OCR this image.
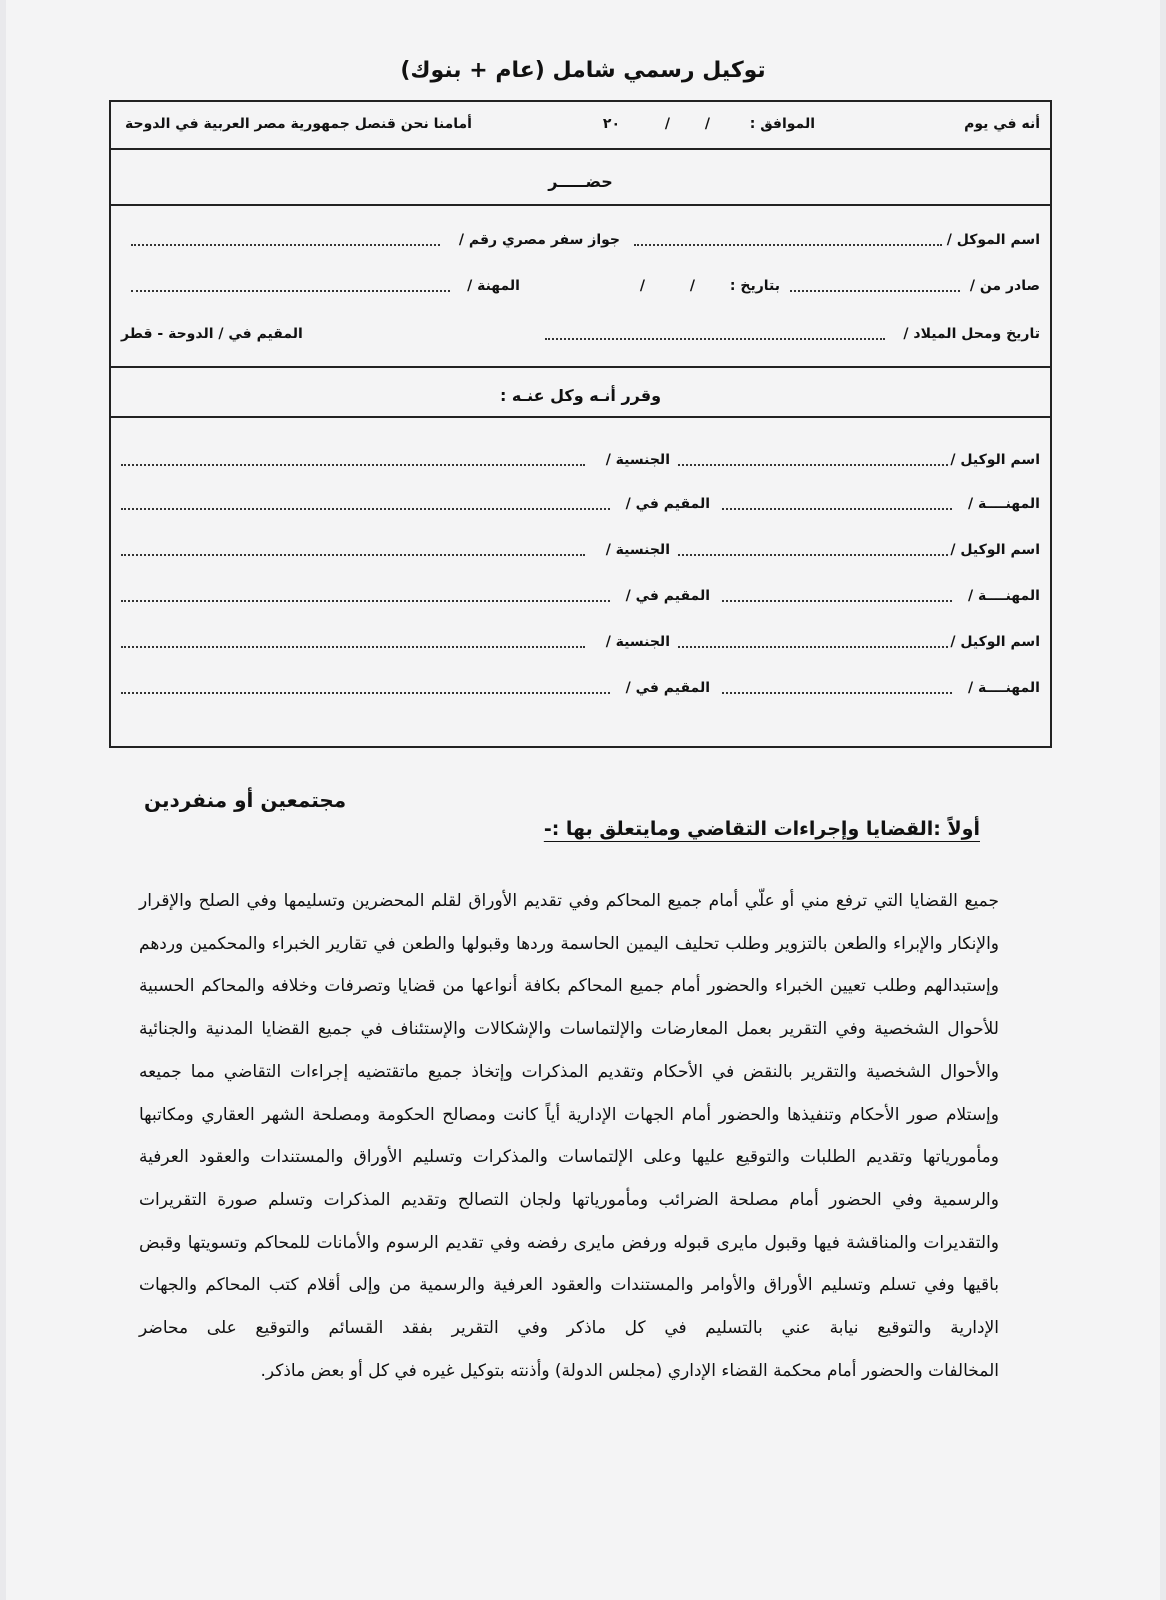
توكيل رسمي شامل (عام + بنوك)
أنه في يوم
الموافق :
/ /
٢٠
أمامنا نحن قنصل جمهورية مصر العربية في الدوحة
حضـــــر
اسم الموكل /
جواز سفر مصري رقم /
صادر من /
بتاريخ :
/ /
المهنة /
تاريخ ومحل الميلاد /
المقيم في / الدوحة - قطر
وقرر أنـه وكل عنـه :
اسم الوكيل /
الجنسية /
المهنــــة /
المقيم في /
اسم الوكيل /
الجنسية /
المهنــــة /
المقيم في /
اسم الوكيل /
الجنسية /
المهنــــة /
المقيم في /
مجتمعين أو منفردين
أولاً :القضايا وإجراءات التقاضي ومايتعلق بها :-
جميع القضايا التي ترفع مني أو علّي أمام جميع المحاكم وفي تقديم الأوراق لقلم المحضرين وتسليمها وفي الصلح والإقرار والإنكار والإبراء والطعن بالتزوير وطلب تحليف اليمين الحاسمة وردها وقبولها والطعن في تقارير الخبراء والمحكمين وردهم وإستبدالهم وطلب تعيين الخبراء والحضور أمام جميع المحاكم بكافة أنواعها من قضايا وتصرفات وخلافه والمحاكم الحسبية للأحوال الشخصية وفي التقرير بعمل المعارضات والإلتماسات والإشكالات والإستئناف في جميع القضايا المدنية والجنائية والأحوال الشخصية والتقرير بالنقض في الأحكام وتقديم المذكرات وإتخاذ جميع ماتقتضيه إجراءات التقاضي مما جميعه وإستلام صور الأحكام وتنفيذها والحضور أمام الجهات الإدارية أياً كانت ومصالح الحكومة ومصلحة الشهر العقاري ومكاتبها ومأمورياتها وتقديم الطلبات والتوقيع عليها وعلى الإلتماسات والمذكرات وتسليم الأوراق والمستندات والعقود العرفية والرسمية وفي الحضور أمام مصلحة الضرائب ومأمورياتها ولجان التصالح وتقديم المذكرات وتسلم صورة التقريرات والتقديرات والمناقشة فيها وقبول مايرى قبوله ورفض مايرى رفضه وفي تقديم الرسوم والأمانات للمحاكم وتسويتها وقبض باقيها وفي تسلم وتسليم الأوراق والأوامر والمستندات والعقود العرفية والرسمية من وإلى أقلام كتب المحاكم والجهات الإدارية والتوقيع نيابة عني بالتسليم في كل ماذكر وفي التقرير بفقد القسائم والتوقيع على محاضر
المخالفات والحضور أمام محكمة القضاء الإداري (مجلس الدولة) وأذنته بتوكيل غيره في كل أو بعض ماذكر.
